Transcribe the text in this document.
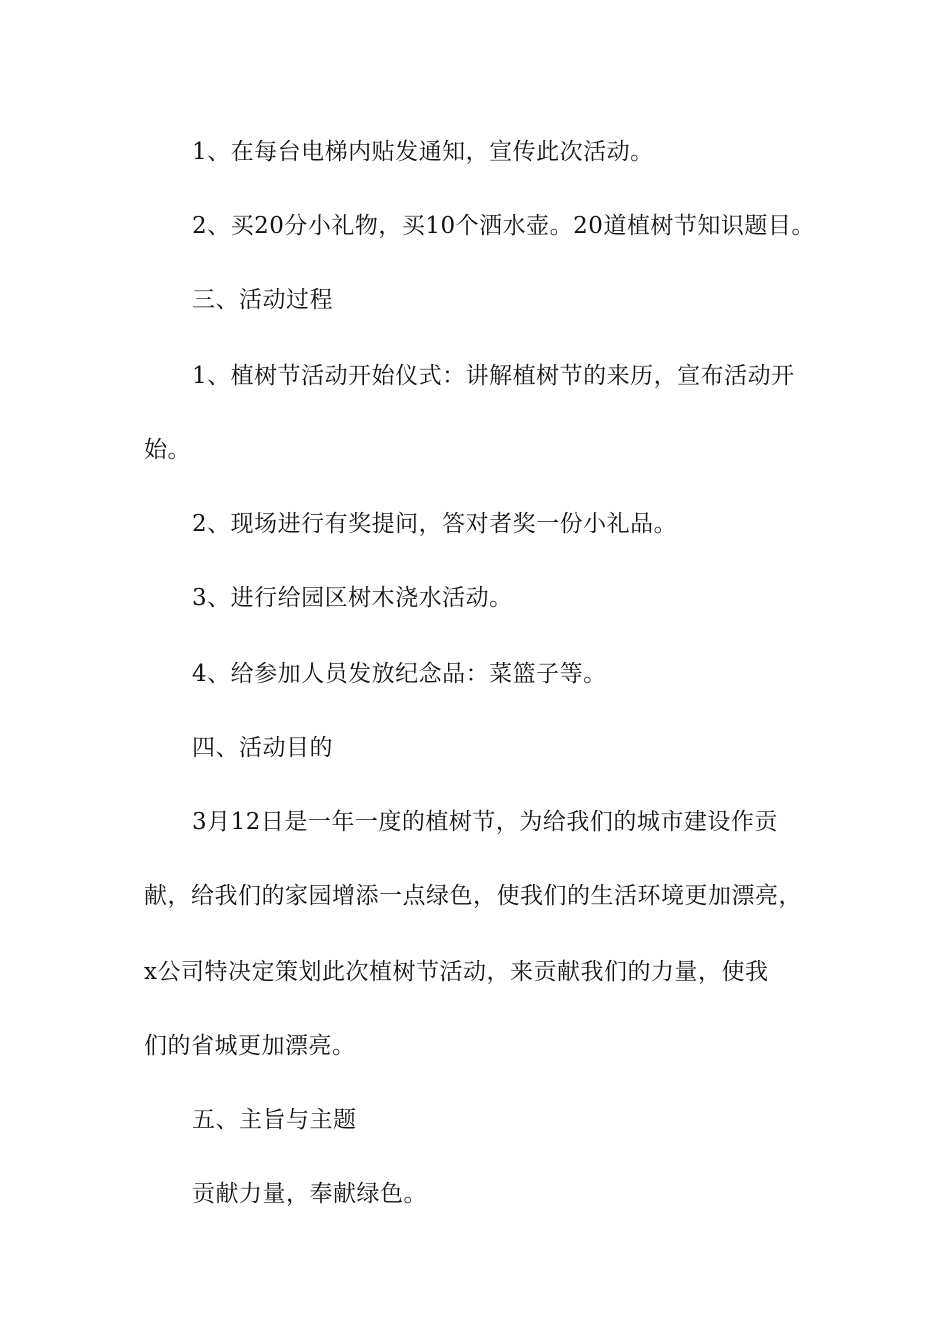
1、在每台电梯内贴发通知，宣传此次活动。
2、买20分小礼物，买10个洒水壶。20道植树节知识题目。
三、活动过程
1、植树节活动开始仪式：讲解植树节的来历，宣布活动开
始。
2、现场进行有奖提问，答对者奖一份小礼品。
3、进行给园区树木浇水活动。
4、给参加人员发放纪念品：菜篮子等。
四、活动目的
3月12日是一年一度的植树节，为给我们的城市建设作贡
献，给我们的家园增添一点绿色，使我们的生活环境更加漂亮，
x公司特决定策划此次植树节活动，来贡献我们的力量，使我
们的省城更加漂亮。
五、主旨与主题
贡献力量，奉献绿色。
